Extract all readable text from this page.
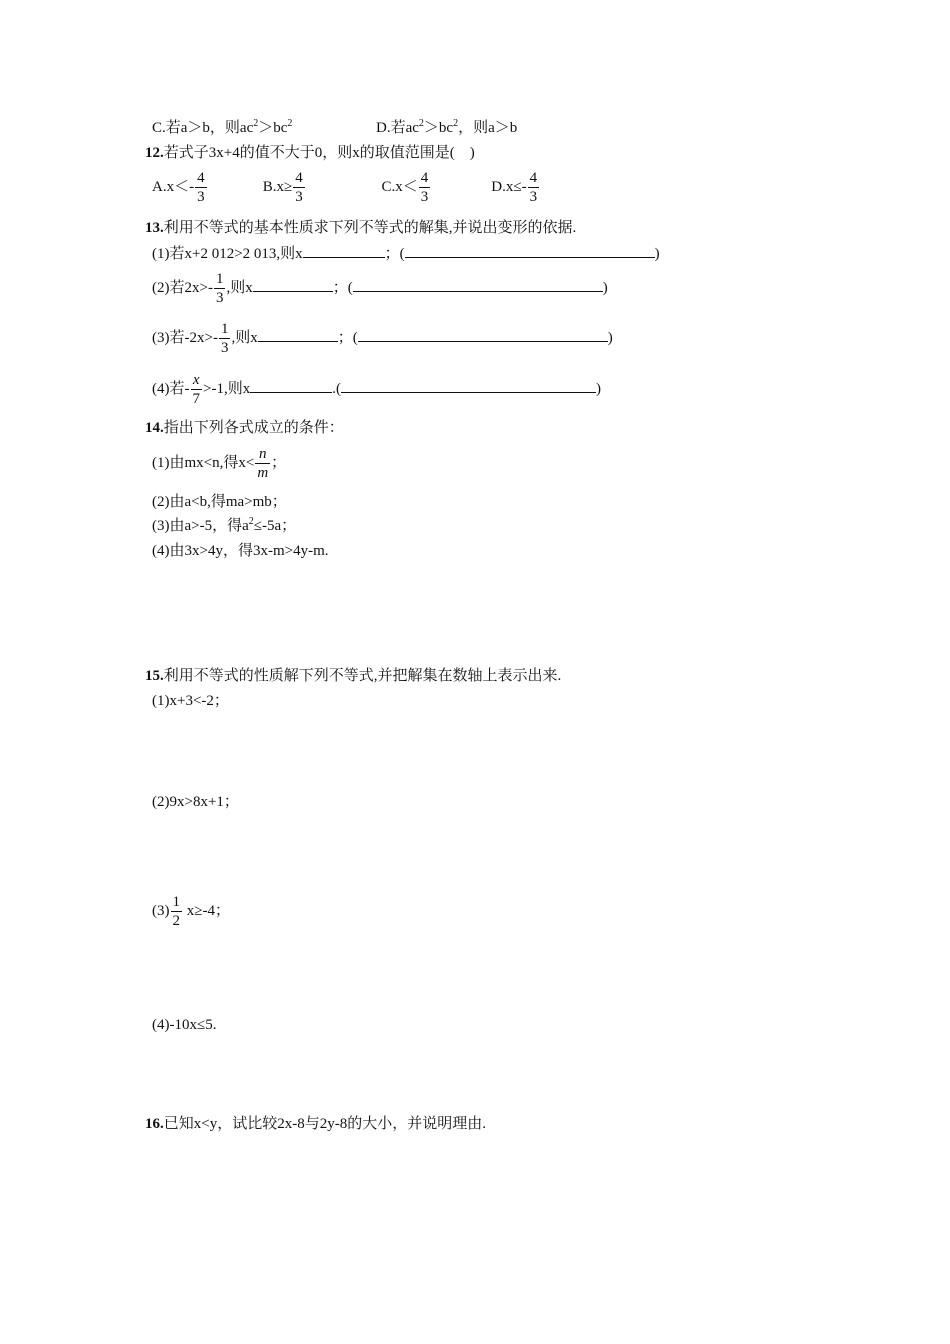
C.若a＞b，则$ac^2>bc^2$	D.若$ac^2>bc^2$，则a＞b
12.若式子3x+4的值不大于0，则x的取值范围是(　)
$A.x<- \frac{4}{3}$	$B.x\ge \frac{4}{3}$	$C.x< \frac{4}{3}$	$D.x\le- \frac{4}{3}$
13.利用不等式的基本性质求下列不等式的解集,并说出变形的依据.
(1)若x+2 012>2 013,则x	；(	)
(2)若$2x>- \frac{1}{3}$ ,则x	；(	)
(3)若$-2x>- \frac{1}{3}$ ,则x	；(	)
(4)若- $\frac{x}{7} >-1$,则x	.(	)
14.指出下列各式成立的条件：
(1)由mx<n,得$x< \frac{n}{m}$ ；
(2)由a<b,得ma>mb；
(3)由a>-5，得$a^2\le-5a$；
(4)由3x>4y，得3x-m>4y-m.
15.利用不等式的性质解下列不等式,并把解集在数轴上表示出来.
(1)x+3<-2；
(2)9x>8x+1；
$(3) \frac{1}{2} x\ge-4$；
(4)-10x≤5.
16.已知x<y，试比较2x-8与2y-8的大小，并说明理由.
